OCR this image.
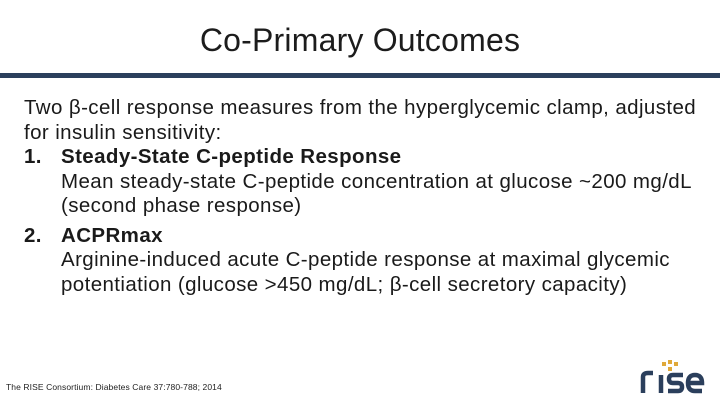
Co-Primary Outcomes
Two β-cell response measures from the hyperglycemic clamp, adjusted for insulin sensitivity:
1. Steady-State C-peptide Response
Mean steady-state C-peptide concentration at glucose ~200 mg/dL (second phase response)
2. ACPRmax
Arginine-induced acute C-peptide response at maximal glycemic potentiation (glucose >450 mg/dL; β-cell secretory capacity)
The RISE Consortium: Diabetes Care 37:780-788; 2014
